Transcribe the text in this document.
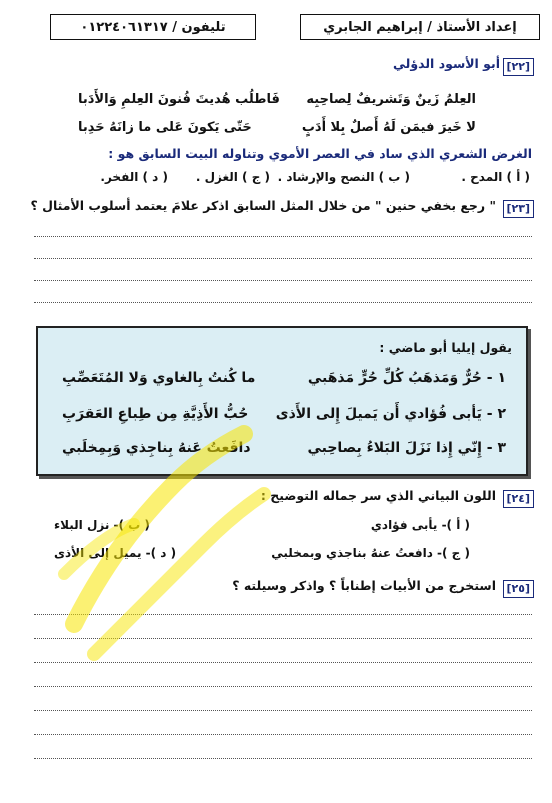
إعداد الأستاذ / إبراهيم الجابري
تليفون / ٠١٢٢٤٠٦١٣١٧
[٢٢]
أبو الأسود الدؤلي
العِلمُ زَينٌ وَتَشريفٌ لِصاحِبِه
فَاطلُب هُديتَ فُنونَ العِلمِ وَالأَدَبا
لا خَيرَ فيمَن لَهُ أَصلٌ بِلا أَدَبٍ
حَتّى يَكونَ عَلى ما زانَهُ حَدِبا
الغرض الشعري الذي ساد في العصر الأموي وتناوله البيت السابق هو :
( أ ) المدح .
( ب ) النصح والإرشاد .
( ج ) الغزل .
( د ) الفخر.
[٢٣]
" رجع بخفي حنين " من خلال المثل السابق اذكر علامَ يعتمد أسلوب الأمثال ؟
يقول إيليا أبو ماضي :
١ - حُرٌّ وَمَذهَبُ كُلِّ حُرٍّ مَذهَبي
ما كُنتُ بِالغاوي وَلا المُتَعَصِّبِ
٢ - يَأبى فُؤادي أَن يَميلَ إِلى الأَذى
حُبُّ الأَذِيَّةِ مِن طِباعِ العَقرَبِ
٣ - إِنّي إِذا نَزَلَ البَلاءُ بِصاحِبي
دافَعتُ عَنهُ بِناجِذي وَبِمِخلَبي
[٢٤]
اللون البياني الذي سر جماله التوضيح :
( أ )- يأبى فؤادي
( ب )- نزل البلاء
( ج )- دافعتُ عنهُ بناجذي وبمخلبي
( د )- يميل إلى الأذى
[٢٥]
استخرج من الأبيات إطناباً ؟ واذكر وسيلته ؟
